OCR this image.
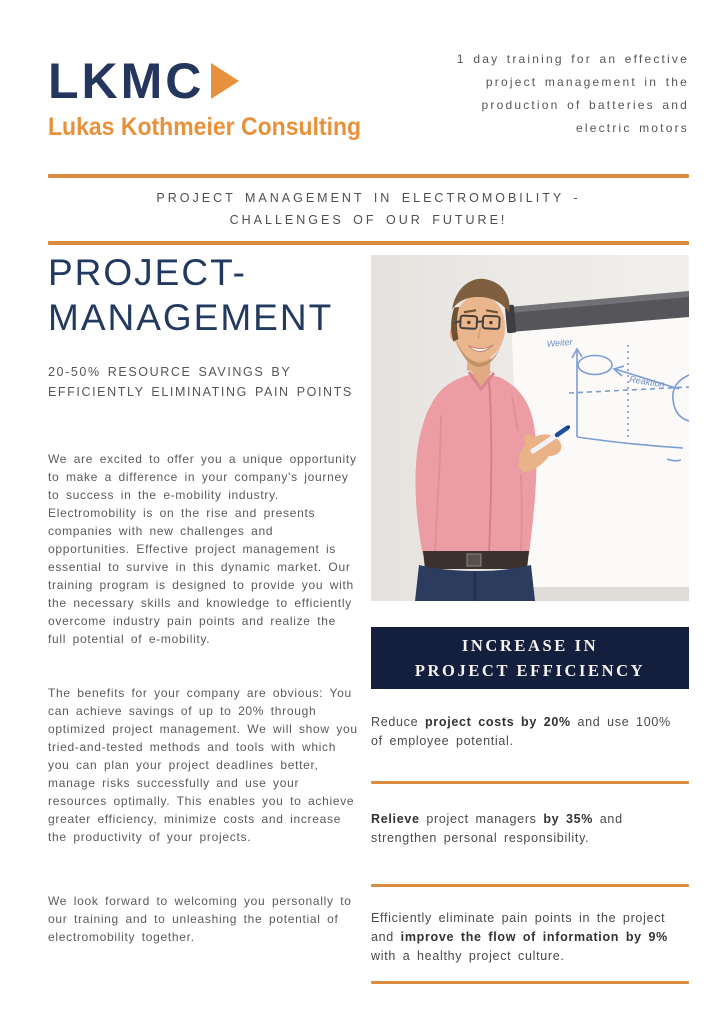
LKMC
Lukas Kothmeier Consulting
1 day training for an effective
project management in the
production of batteries and
electric motors
PROJECT MANAGEMENT IN ELECTROMOBILITY -
CHALLENGES OF OUR FUTURE!
PROJECT-
MANAGEMENT
20-50% RESOURCE SAVINGS BY
EFFICIENTLY ELIMINATING PAIN POINTS

We are excited to offer you a unique opportunity to make a difference in your company's journey to success in the e-mobility industry.

Electromobility is on the rise and presents companies with new challenges and opportunities. Effective project management is essential to survive in this dynamic market. Our training program is designed to provide you with the necessary skills and knowledge to efficiently overcome industry pain points and realize the full potential of e-mobility.

The benefits for your company are obvious: You can achieve savings of up to 20% through optimized project management. We will show you tried-and-tested methods and tools with which you can plan your project deadlines better, manage risks successfully and use your resources optimally. This enables you to achieve greater efficiency, minimize costs and increase the productivity of your projects.

We look forward to welcoming you personally to our training and to unleashing the potential of electromobility together.

Weiter
Reaktion
INCREASE IN PROJECT EFFICIENCY
Reduce project costs by 20% and use 100% of employee potential.
Relieve project managers by 35% and strengthen personal responsibility.
Efficiently eliminate pain points in the project and improve the flow of information by 9% with a healthy project culture.
